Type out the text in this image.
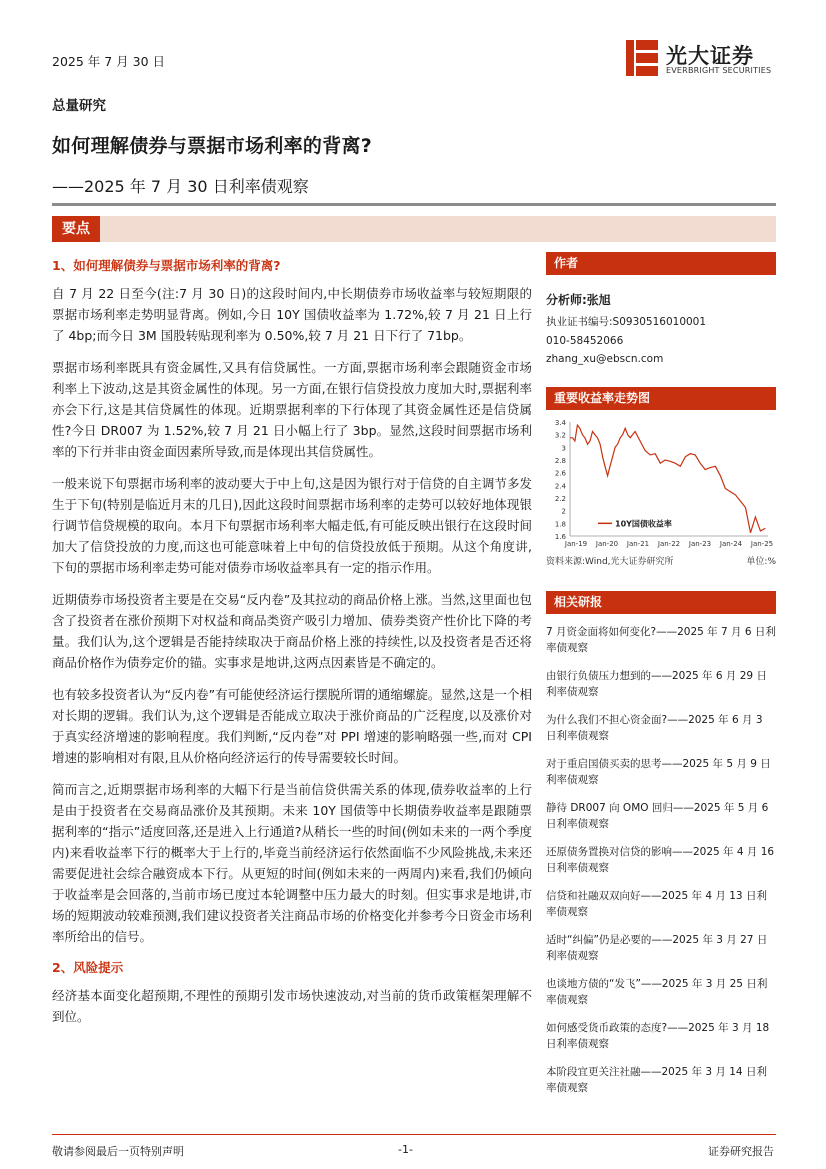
2025 年 7 月 30 日	光大证券
EVERBRIGHT SECURITIES
总量研究
如何理解债券与票据市场利率的背离?
——2025 年 7 月 30 日利率债观察
要点
1、如何理解债券与票据市场利率的背离?

自 7 月 22 日至今(注:7 月 30 日)的这段时间内,中长期债券市场收益率与较短期限的票据市场利率走势明显背离。例如,今日 10Y 国债收益率为 1.72%,较 7 月 21 日上行了 4bp;而今日 3M 国股转贴现利率为 0.50%,较 7 月 21 日下行了 71bp。

票据市场利率既具有资金属性,又具有信贷属性。一方面,票据市场利率会跟随资金市场利率上下波动,这是其资金属性的体现。另一方面,在银行信贷投放力度加大时,票据利率亦会下行,这是其信贷属性的体现。近期票据利率的下行体现了其资金属性还是信贷属性?今日 DR007 为 1.52%,较 7 月 21 日小幅上行了 3bp。显然,这段时间票据市场利率的下行并非由资金面因素所导致,而是体现出其信贷属性。

一般来说下旬票据市场利率的波动要大于中上旬,这是因为银行对于信贷的自主调节多发生于下旬(特别是临近月末的几日),因此这段时间票据市场利率的走势可以较好地体现银行调节信贷规模的取向。本月下旬票据市场利率大幅走低,有可能反映出银行在这段时间加大了信贷投放的力度,而这也可能意味着上中旬的信贷投放低于预期。从这个角度讲,下旬的票据市场利率走势可能对债券市场收益率具有一定的指示作用。

近期债券市场投资者主要是在交易“反内卷”及其拉动的商品价格上涨。当然,这里面也包含了投资者在涨价预期下对权益和商品类资产吸引力增加、债券类资产性价比下降的考量。我们认为,这个逻辑是否能持续取决于商品价格上涨的持续性,以及投资者是否还将商品价格作为债券定价的锚。实事求是地讲,这两点因素皆是不确定的。

也有较多投资者认为“反内卷”有可能使经济运行摆脱所谓的通缩螺旋。显然,这是一个相对长期的逻辑。我们认为,这个逻辑是否能成立取决于涨价商品的广泛程度,以及涨价对于真实经济增速的影响程度。我们判断,“反内卷”对 PPI 增速的影响略强一些,而对 CPI 增速的影响相对有限,且从价格向经济运行的传导需要较长时间。

简而言之,近期票据市场利率的大幅下行是当前信贷供需关系的体现,债券收益率的上行是由于投资者在交易商品涨价及其预期。未来 10Y 国债等中长期债券收益率是跟随票据利率的“指示”适度回落,还是进入上行通道?从稍长一些的时间(例如未来的一两个季度内)来看收益率下行的概率大于上行的,毕竟当前经济运行依然面临不少风险挑战,未来还需要促进社会综合融资成本下行。从更短的时间(例如未来的一两周内)来看,我们仍倾向于收益率是会回落的,当前市场已度过本轮调整中压力最大的时刻。但实事求是地讲,市场的短期波动较难预测,我们建议投资者关注商品市场的价格变化并参考今日资金市场利率所给出的信号。

2、风险提示

经济基本面变化超预期,不理性的预期引发市场快速波动,对当前的货币政策框架理解不到位。

作者
分析师:张旭
执业证书编号:S0930516010001
010-58452066
zhang_xu@ebscn.com
重要收益率走势图
1.6
1.8
2
2.2
2.4
2.6
2.8
3
3.2
3.4
Jan-19 Jan-20 Jan-21 Jan-22 Jan-23 Jan-24 Jan-25
10Y国债收益率
资料来源:Wind,光大证券研究所	单位:%
相关研报
7 月资金面将如何变化?——2025 年 7 月 6 日利率债观察
由银行负债压力想到的——2025 年 6 月 29 日利率债观察
为什么我们不担心资金面?——2025 年 6 月 3 日利率债观察
对于重启国债买卖的思考——2025 年 5 月 9 日利率债观察
静待 DR007 向 OMO 回归——2025 年 5 月 6 日利率债观察
还原债务置换对信贷的影响——2025 年 4 月 16 日利率债观察
信贷和社融双双向好——2025 年 4 月 13 日利率债观察
适时“纠偏”仍是必要的——2025 年 3 月 27 日利率债观察
也谈地方债的“发飞”——2025 年 3 月 25 日利率债观察
如何感受货币政策的态度?——2025 年 3 月 18 日利率债观察
本阶段宜更关注社融——2025 年 3 月 14 日利率债观察
敬请参阅最后一页特别声明	-1-	证券研究报告
